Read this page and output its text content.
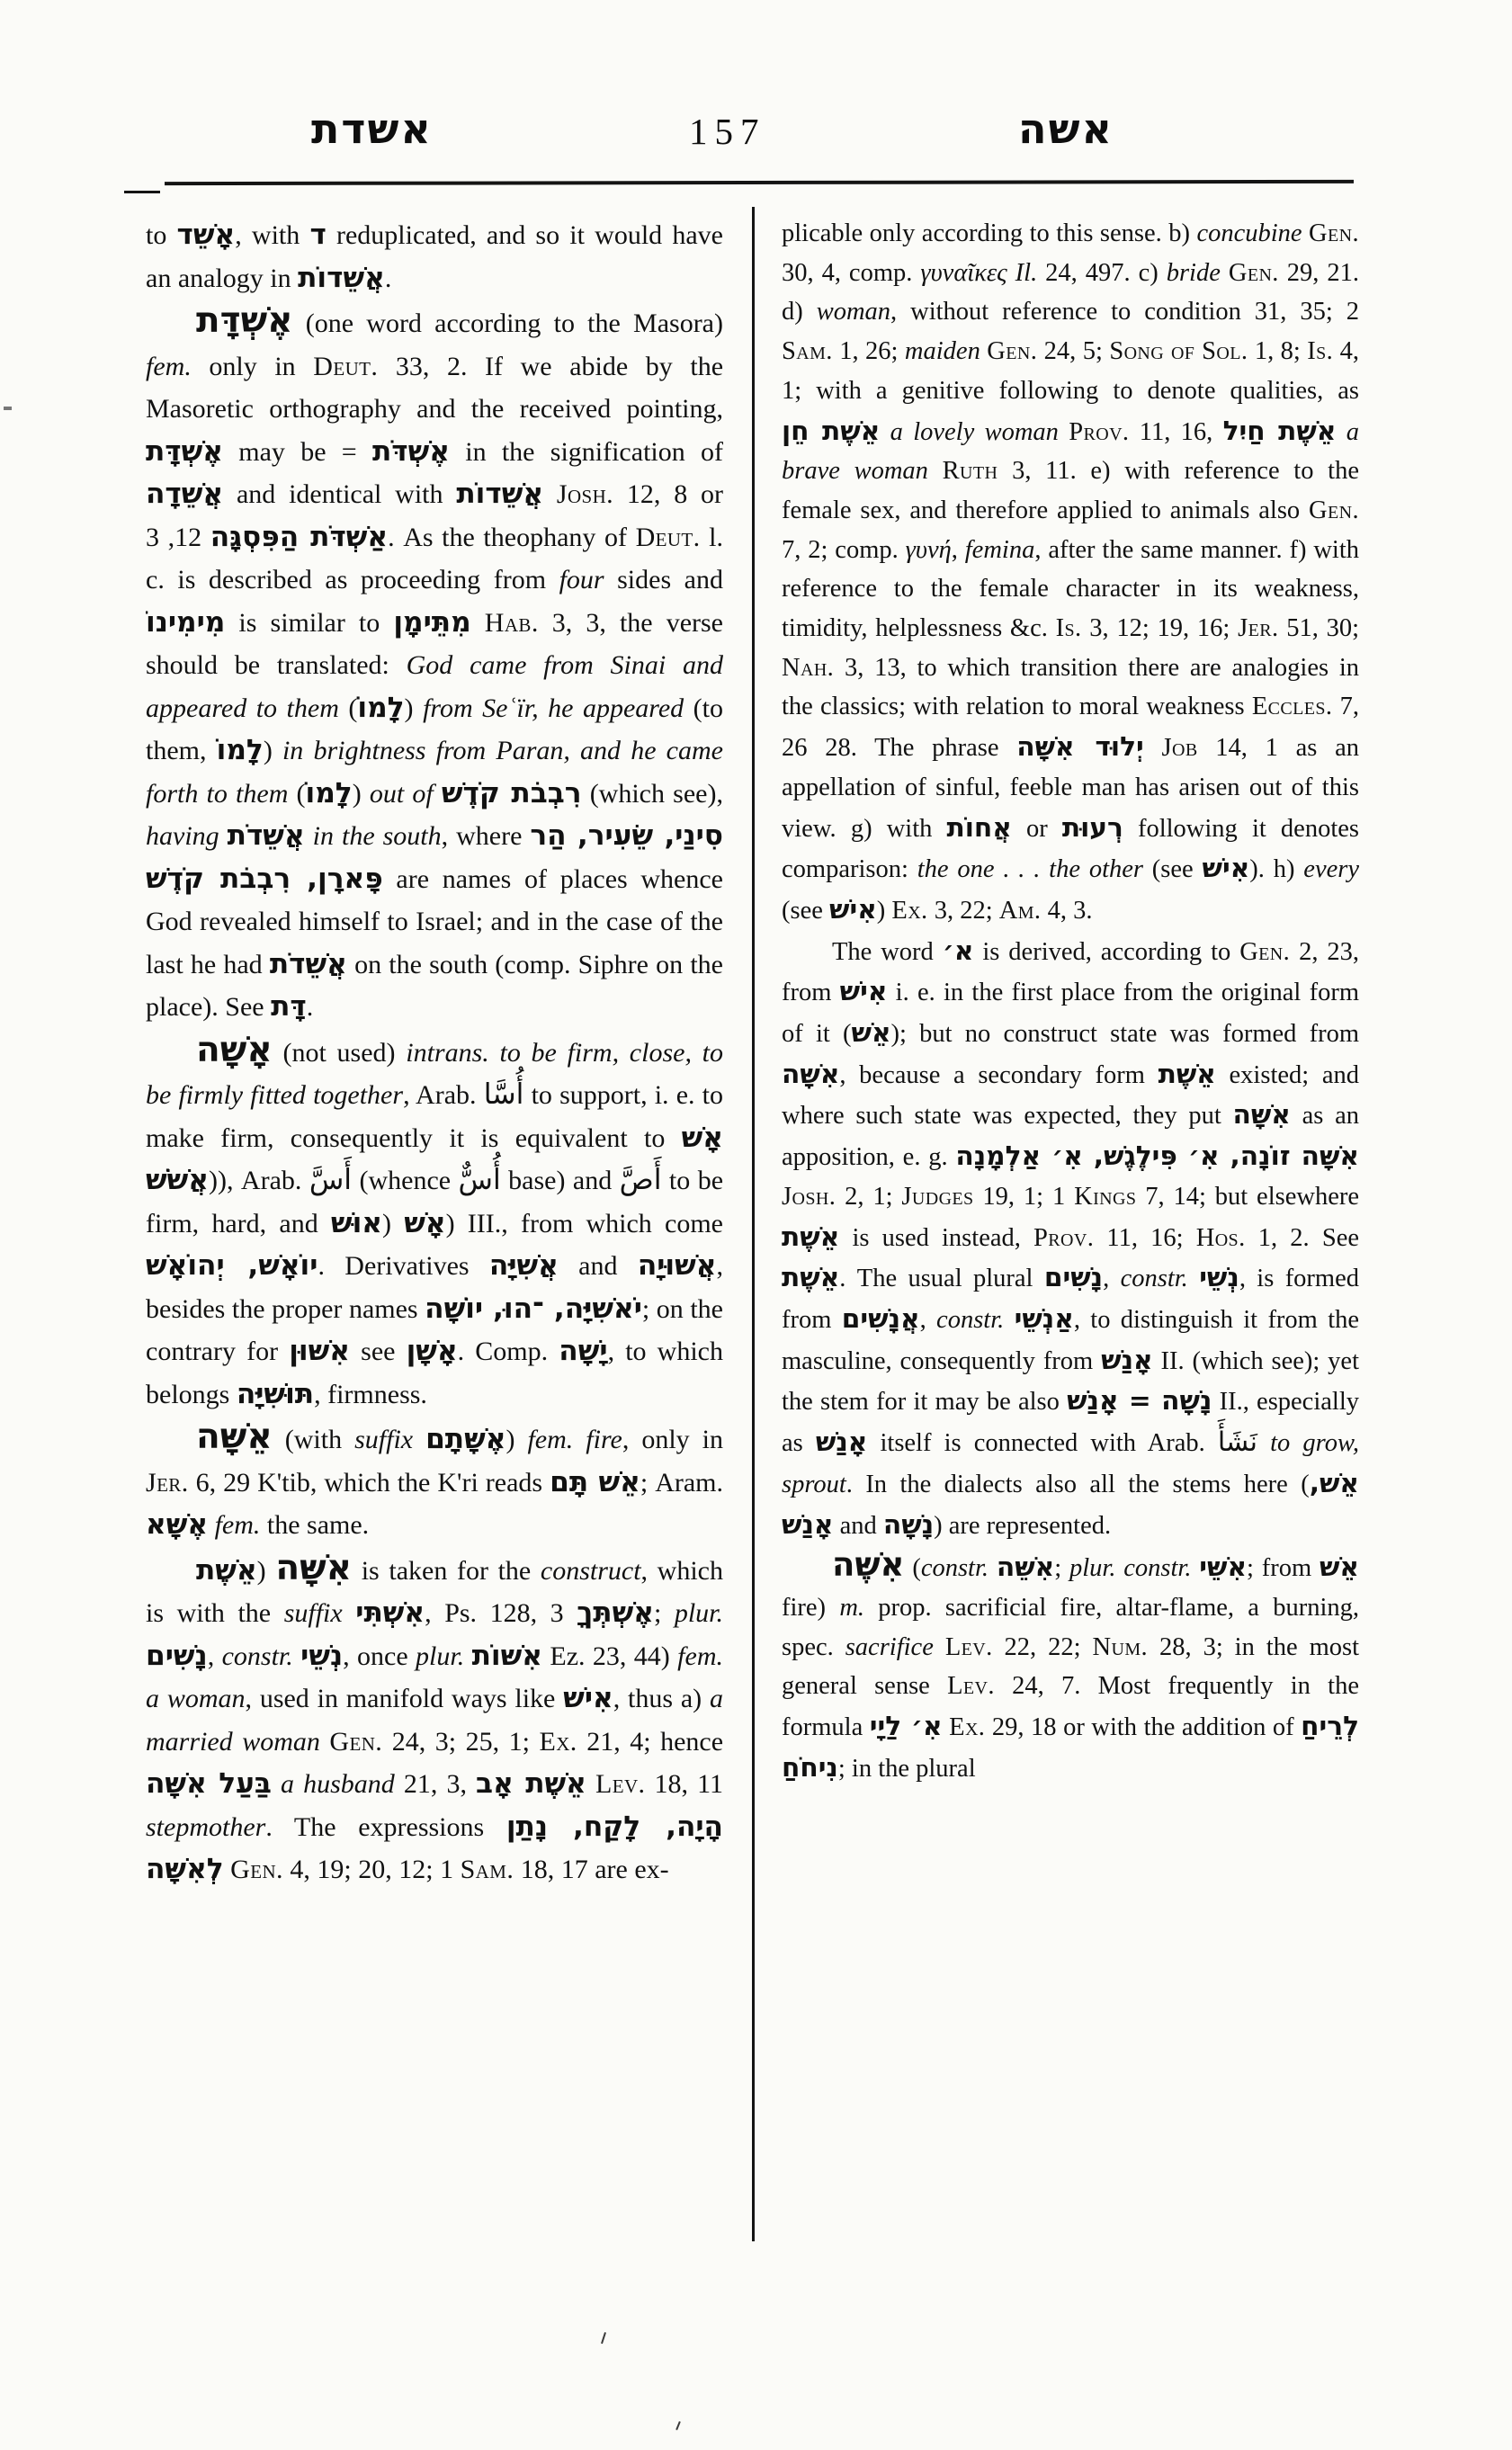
אשדת	157	אשה

to אָשֵׁד, with ד reduplicated, and so it would have an analogy in אֲשֵׁדוֹת.

אֶשְׁדָּת (one word according to the Masora) fem. only in Deut. 33, 2. If we abide by the Masoretic orthography and the received pointing, אֶשְׁדָּת may be = אֶשְׁדֹּת in the signification of אֲשֵׁדָה and identical with אֲשֵׁדוֹת Josh. 12, 8 or אַשְׁדֹּת הַפִּסְגָּה 12, 3. As the theophany of Deut. l. c. is described as proceeding from four sides and מִימִינוֹ is similar to מִתֵּימָן Hab. 3, 3, the verse should be translated: God came from Sinai and appeared to them (לָמוֹ) from Seʿïr, he appeared (to them, לָמוֹ) in brightness from Paran, and he came forth to them (לָמוֹ) out of רִבְבֹת קֹדֶשׁ (which see), having אֲשֵׁדֹת in the south, where סִינַי, שֵׂעִיר, הַר פָּארָן, רִבְבֹת קֹדֶשׁ are names of places whence God revealed himself to Israel; and in the case of the last he had אֲשֵׁדֹת on the south (comp. Siphre on the place). See דָּת.

אָשָׁה (not used) intrans. to be firm, close, to be firmly fitted together, Arab. أُسَّا to support, i. e. to make firm, consequently it is equivalent to אָשׁ (אֲשֹׁשׁ ), Arab. أَسَّ (whence أُسٌّ base) and أَصَّ to be firm, hard, and	אָשׁ (אוּשׁ ) III., from which come יוֹאָשׁ, יְהוֹאָשׁ. Derivatives אֲשִׁיָּה and אֲשׁוּיָה, besides the proper names יֹאשִׁיָּה, ־הוּ, יוֹשָׁה; on the contrary for אִשּׁוּן see אָשָׁן. Comp. יָשָׁה, to which belongs תּוּשִׁיָּה, firmness.

אֵשָּׁה (with suffix אֶשָּׁתָם) fem. fire, only in Jer. 6, 29 K'tib, which the K'ri reads אֵשׁ תָּם; Aram. אֶשָּׁא fem. the same.

אִשָּׁה (אֵשֶׁת	is taken for the construct, which is with the suffix אִשְׁתִּי, Ps. 128, 3 אֶשְׁתְּךָ; plur. נָשִׁים, constr. נְשֵׁי, once plur. אִשּׁוֹת Ez. 23, 44) fem. a woman, used in manifold ways like אִישׁ, thus a) a married woman Gen. 24, 3; 25, 1; Ex. 21, 4; hence בַּעַל אִשָּׁה a husband 21, 3, אֵשֶׁת אָב Lev. 18, 11 stepmother. The expressions הָיָה, לָקַח, נָתַן לְאִשָּׁה Gen. 4, 19; 20, 12; 1 Sam. 18, 17 are ex-

plicable only according to this sense. b) concubine Gen. 30, 4, comp. γυναῖκες Il. 24, 497. c) bride Gen. 29, 21. d) woman, without reference to condition 31, 35; 2 Sam. 1, 26; maiden Gen. 24, 5; Song of Sol. 1, 8; Is. 4, 1; with a genitive following to denote qualities, as אֵשֶׁת חֵן a lovely woman Prov. 11, 16, אֵשֶׁת חַיִל a brave woman Ruth 3, 11. e) with reference to the female sex, and therefore applied to animals also Gen. 7, 2; comp. γυνή, femina, after the same manner. f) with reference to the female character in its weakness, timidity, helplessness &c. Is. 3, 12; 19, 16; Jer. 51, 30; Nah. 3, 13, to which transition there are analogies in the classics; with relation to moral weakness Eccles. 7, 26 28. The phrase יְלוּד אִשָּׁה Job 14, 1 as an appellation of sinful, feeble man has arisen out of this view. g) with אֲחוֹת or רְעוּת following it denotes comparison: the one . . . the other (see אִישׁ). h) every (see אִישׁ) Ex. 3, 22; Am. 4, 3.

The word א׳ is derived, according to Gen. 2, 23, from אִישׁ i. e. in the first place from the original form of it (אֵשׁ); but no construct state was formed from אִשָּׁה, because a secondary form אֵשֶׁת existed; and where such state was expected, they put אִשָּׁה as an apposition, e. g. אִשָּׁה זוֹנָה, אִ׳ פִּילֶגֶשׁ, אִ׳ אַלְמָנָה Josh. 2, 1; Judges 19, 1; 1 Kings 7, 14; but elsewhere אֵשֶׁת is used instead, Prov. 11, 16; Hos. 1, 2. See אֵשֶׁת. The usual plural נָשִׁים, constr. נְשֵׁי, is formed from אֲנָשִׁים, constr. אַנְשֵׁי, to distinguish it from the masculine, consequently from אָנַשׁ II. (which see); yet the stem for it may be also נָשָׁה = אָנַשׁ II., especially as אָנַשׁ itself is connected with Arab. نَشَأَ to grow, sprout. In the dialects also all the stems here (אֵשׁ, אָנַשׁ and נָשָׁה) are represented.

אִשֶּׁה (constr. אִשֵּׁה; plur. constr. אִשֵּׁי; from אֵשׁ fire) m. prop. sacrificial fire, altar-flame, a burning, spec. sacrifice Lev. 22, 22; Num. 28, 3; in the most general sense Lev. 24, 7. Most frequently in the formula אִ׳ לַיָי Ex. 29, 18 or with the addition of לְרֵיחַ נִיחֹחַ; in the plural
